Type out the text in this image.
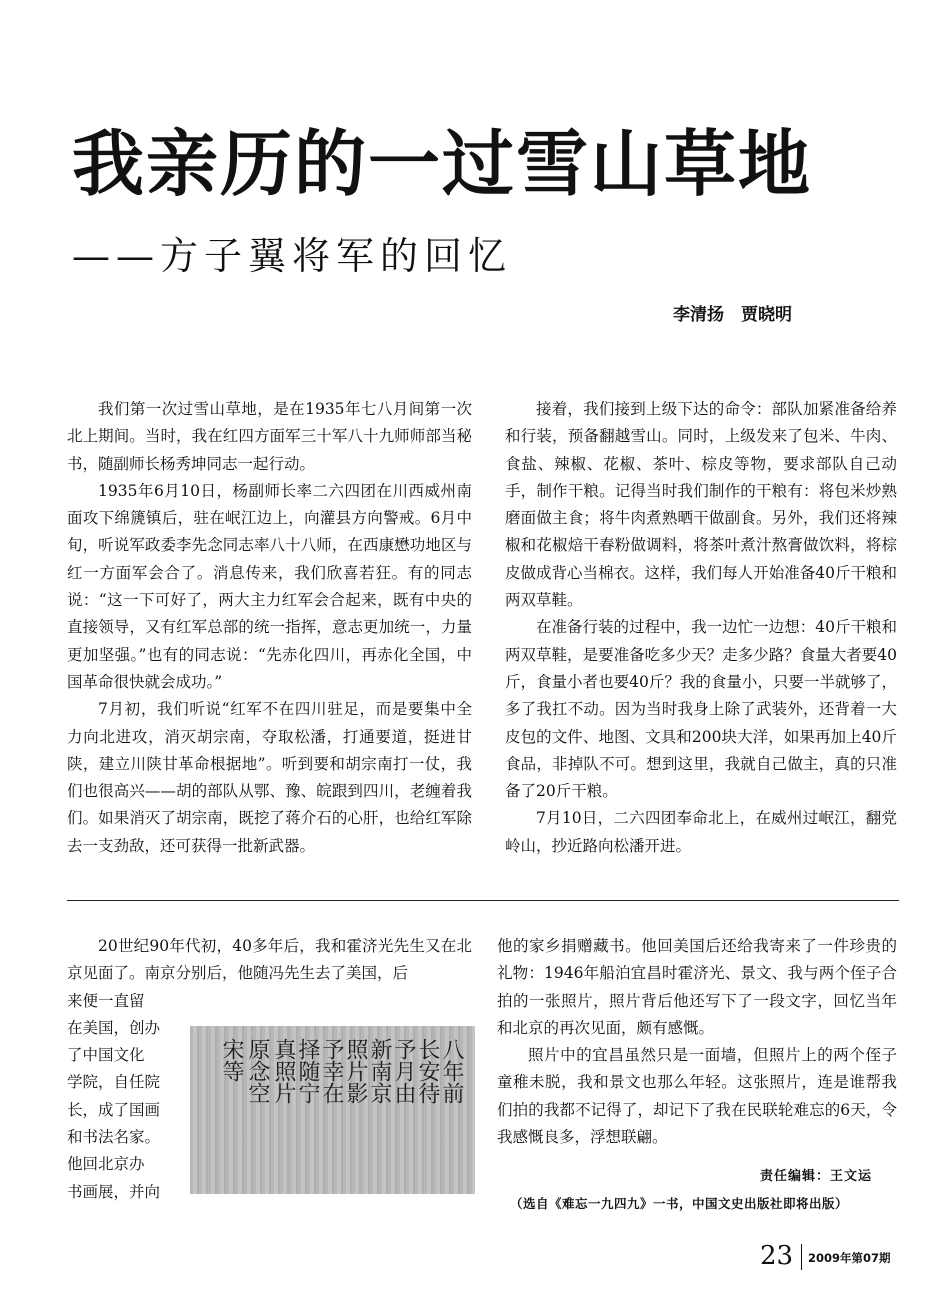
我亲历的一过雪山草地
——方子翼将军的回忆
李清扬　贾晓明

我们第一次过雪山草地，是在1935年七八月间第一次北上期间。当时，我在红四方面军三十军八十九师师部当秘书，随副师长杨秀坤同志一起行动。

1935年6月10日，杨副师长率二六四团在川西威州南面攻下绵篪镇后，驻在岷江边上，向灌县方向警戒。6月中旬，听说军政委李先念同志率八十八师，在西康懋功地区与红一方面军会合了。消息传来，我们欣喜若狂。有的同志说：“这一下可好了，两大主力红军会合起来，既有中央的直接领导，又有红军总部的统一指挥，意志更加统一，力量更加坚强。”也有的同志说：“先赤化四川，再赤化全国，中国革命很快就会成功。”

7月初，我们听说“红军不在四川驻足，而是要集中全力向北进攻，消灭胡宗南，夺取松潘，打通要道，挺进甘陕，建立川陕甘革命根据地”。听到要和胡宗南打一仗，我们也很高兴——胡的部队从鄂、豫、皖跟到四川，老缠着我们。如果消灭了胡宗南，既挖了蒋介石的心肝，也给红军除去一支劲敌，还可获得一批新武器。

接着，我们接到上级下达的命令：部队加紧准备给养和行装，预备翻越雪山。同时，上级发来了包米、牛肉、食盐、辣椒、花椒、茶叶、棕皮等物，要求部队自己动手，制作干粮。记得当时我们制作的干粮有：将包米炒熟磨面做主食；将牛肉煮熟晒干做副食。另外，我们还将辣椒和花椒焙干春粉做调料，将茶叶煮汁熬膏做饮料，将棕皮做成背心当棉衣。这样，我们每人开始准备40斤干粮和两双草鞋。

在准备行装的过程中，我一边忙一边想：40斤干粮和两双草鞋，是要准备吃多少天？走多少路？食量大者要40斤，食量小者也要40斤？我的食量小，只要一半就够了，多了我扛不动。因为当时我身上除了武装外，还背着一大皮包的文件、地图、文具和200块大洋，如果再加上40斤食品，非掉队不可。想到这里，我就自己做主，真的只准备了20斤干粮。

7月10日，二六四团奉命北上，在威州过岷江，翻党岭山，抄近路向松潘开进。

20世纪90年代初，40多年后，我和霍济光先生又在北京见面了。南京分别后，他随冯先生去了美国，后

来便一直留
在美国，创办
了中国文化
学院，自任院
长，成了国画
和书法名家。
他回北京办
书画展，并向
八年前
长安待
予月由
新南京
照片影
予幸在
择随宁
真照片
原念空
宋等

他的家乡捐赠藏书。他回美国后还给我寄来了一件珍贵的礼物：1946年船泊宜昌时霍济光、景文、我与两个侄子合拍的一张照片，照片背后他还写下了一段文字，回忆当年和北京的再次见面，颇有感慨。

照片中的宜昌虽然只是一面墙，但照片上的两个侄子童稚未脱，我和景文也那么年轻。这张照片，连是谁帮我们拍的我都不记得了，却记下了我在民联轮难忘的6天，令我感慨良多，浮想联翩。

责任编辑：王文运
（选自《难忘一九四九》一书，中国文史出版社即将出版）
23 2009年第07期
